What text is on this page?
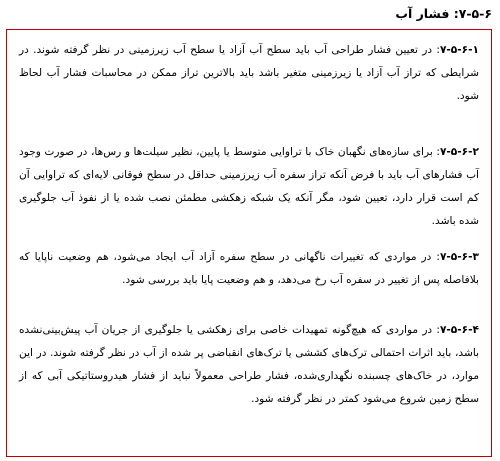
۷-۵-۶: فشار آب
۷-۵-۶-۱: در تعیین فشار طراحی آب باید سطح آب آزاد یا سطح آب زیرزمینی در نظر گرفته شوند. در شرایطی که تراز آب آزاد یا زیرزمینی متغیر باشد باید بالاترین تراز ممکن در محاسبات فشار آب لحاظ شود.
۷-۵-۶-۲: برای سازه‌های نگهبان خاک با تراوایی متوسط یا پایین، نظیر سیلت‌ها و رس‌ها، در صورت وجود آب فشارهای آب باید با فرض آنکه تراز سفره آب زیرزمینی حداقل در سطح فوقانی لایه‌ای که تراوایی آن کم است قرار دارد، تعیین شود، مگر آنکه یک شبکه زهکشی مطمئن نصب شده یا از نفوذ آب جلوگیری شده باشد.
۷-۵-۶-۳: در مواردی که تغییرات ناگهانی در سطح سفره آزاد آب ایجاد می‌شود، هم وضعیت ناپایا که بلافاصله پس از تغییر در سفره آب رخ می‌دهد، و هم وضعیت پایا باید بررسی شود.
۷-۵-۶-۴: در مواردی که هیچ‌گونه تمهیدات خاصی برای زهکشی یا جلوگیری از جریان آب پیش‌بینی‌نشده باشد، باید اثرات احتمالی ترک‌های کششی یا ترک‌های انقباضی پر شده از آب در نظر گرفته شوند. در این موارد، در خاک‌های چسبنده نگهداری‌شده، فشار طراحی معمولاً نباید از فشار هیدروستاتیکی آبی که از سطح زمین شروع می‌شود کمتر در نظر گرفته شود.
